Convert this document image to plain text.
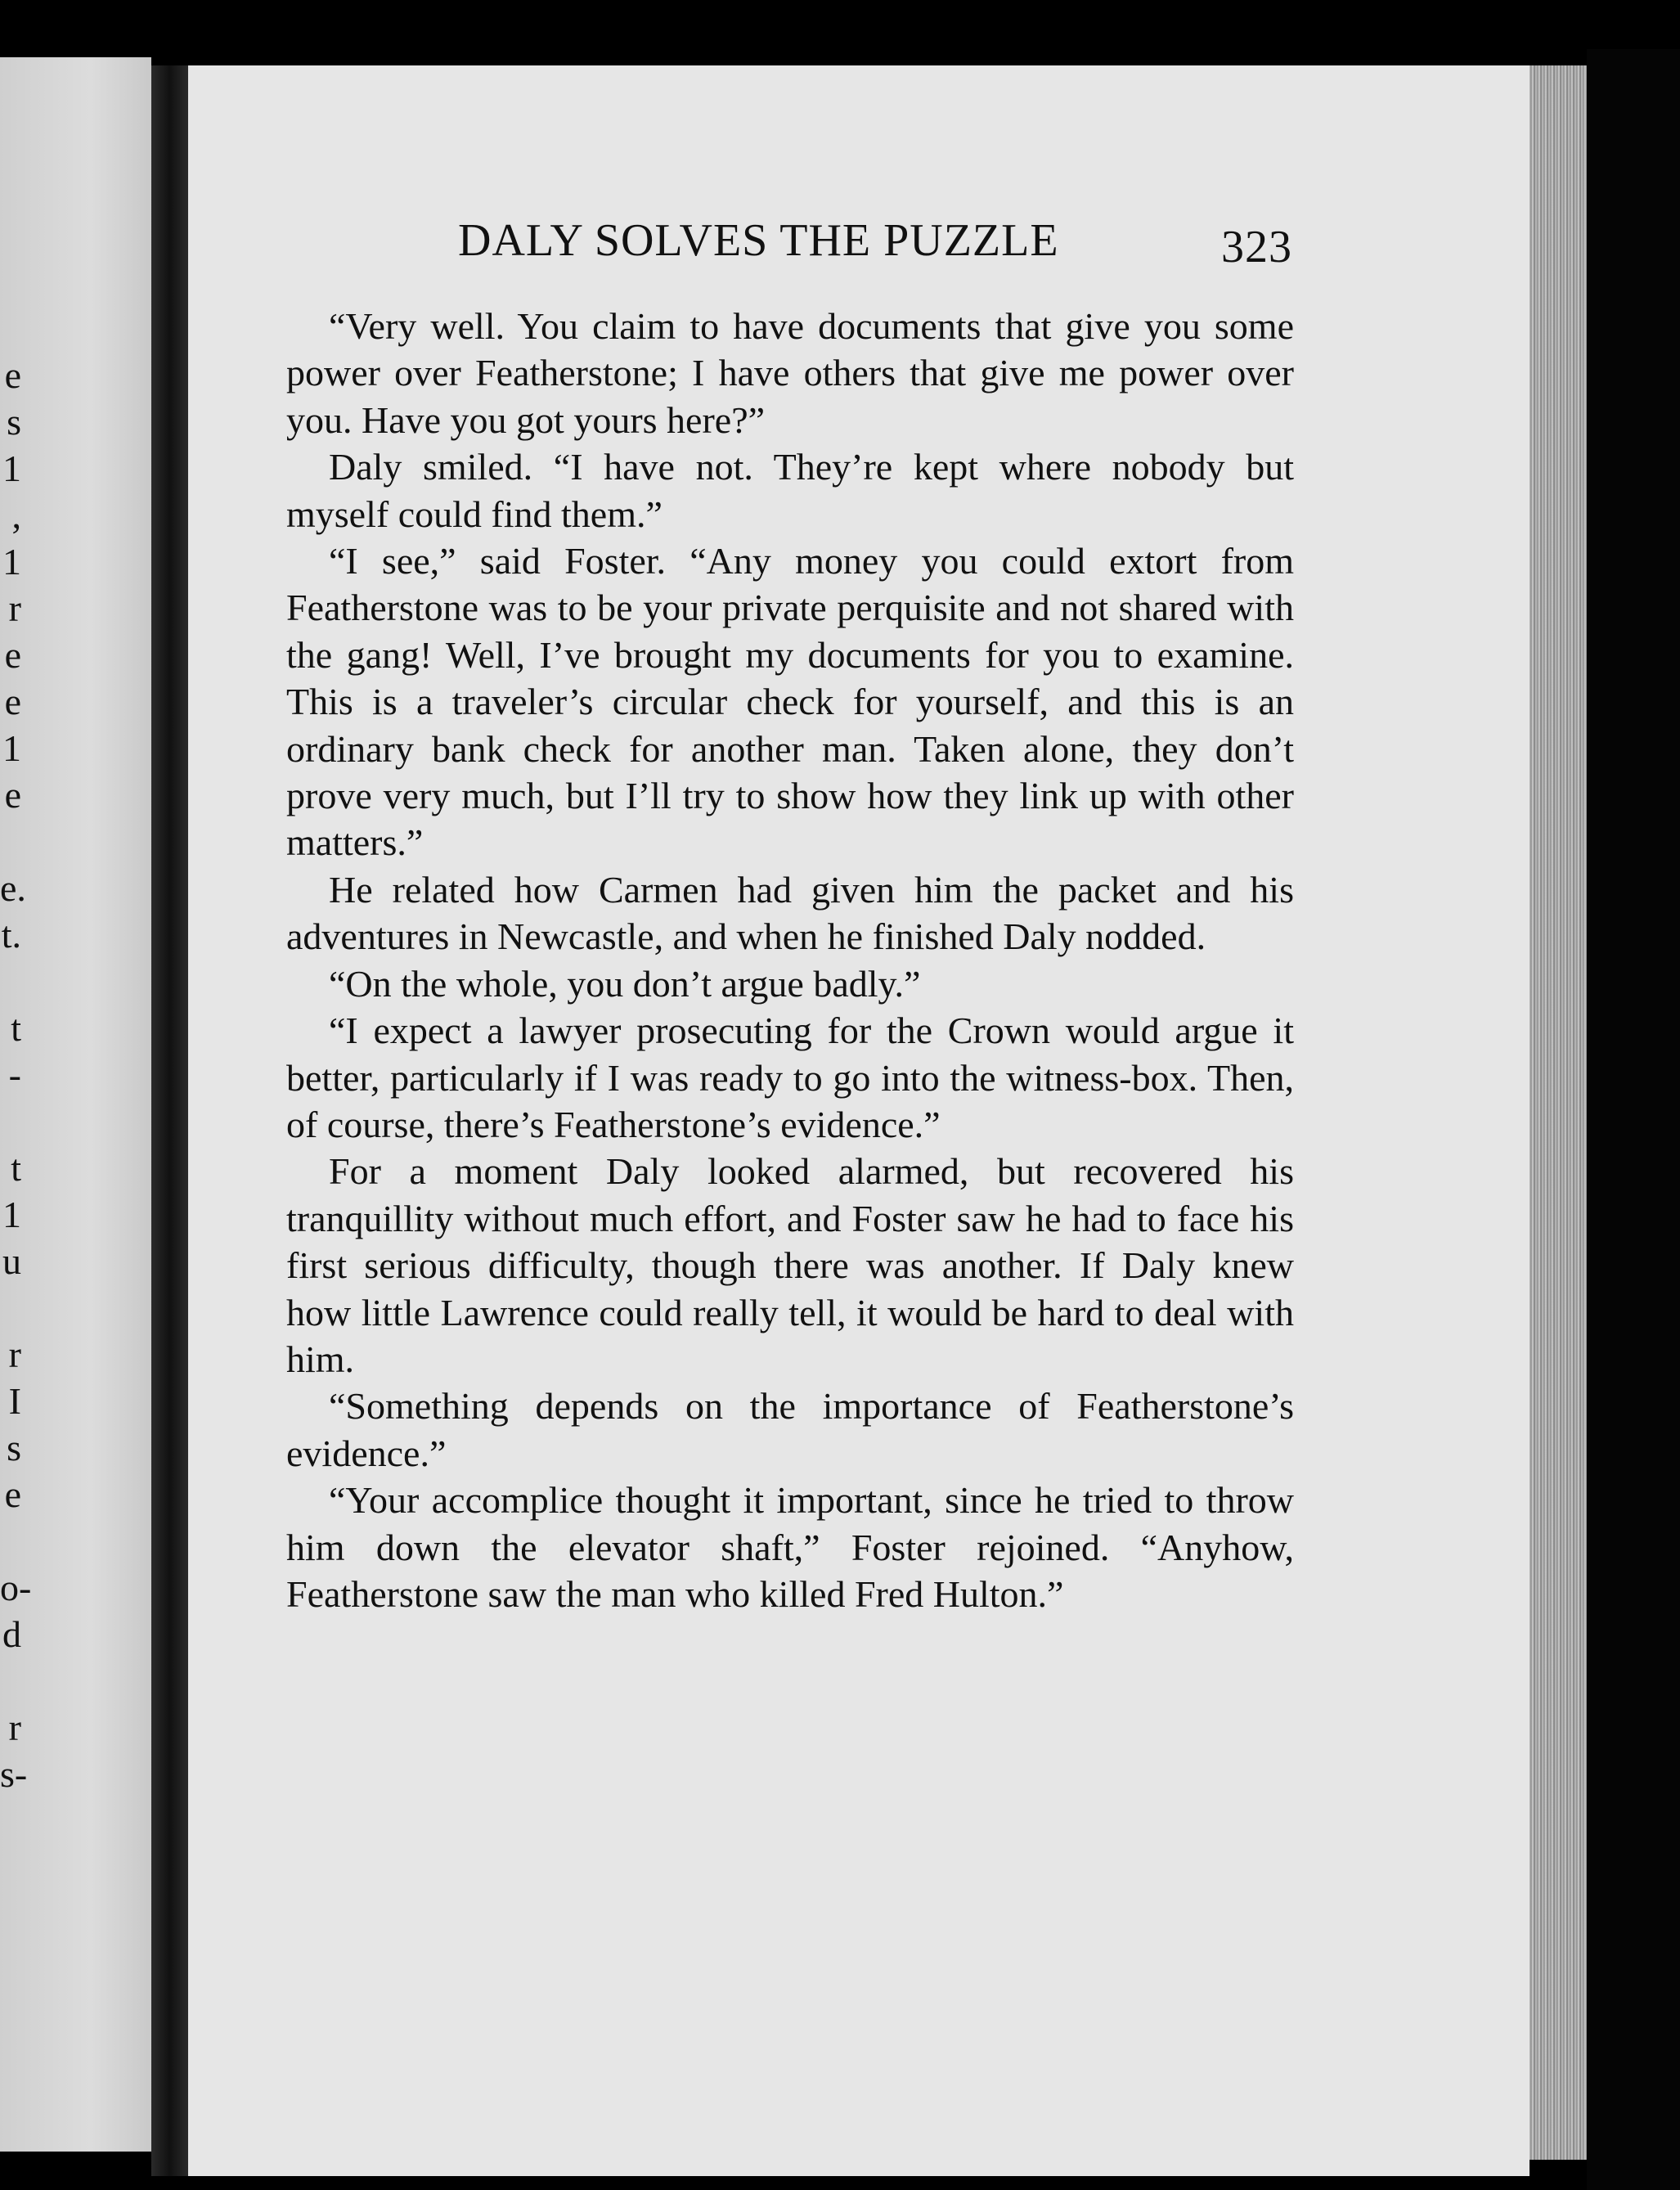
e
s
1
,
1
r
e
e
1
e
e.
t.
t
-
t
1
u
r
I
s
e
o-
d
r
s-
DALY SOLVES THE PUZZLE	323

“Very well. You claim to have documents that give you some power over Featherstone; I have others that give me power over you. Have you got yours here?”

Daly smiled. “I have not. They’re kept where nobody but myself could find them.”

“I see,” said Foster. “Any money you could extort from Featherstone was to be your private perquisite and not shared with the gang! Well, I’ve brought my documents for you to examine. This is a traveler’s circular check for yourself, and this is an ordinary bank check for another man. Taken alone, they don’t prove very much, but I’ll try to show how they link up with other matters.”

He related how Carmen had given him the packet and his adventures in Newcastle, and when he finished Daly nodded.

“On the whole, you don’t argue badly.”

“I expect a lawyer prosecuting for the Crown would argue it better, particularly if I was ready to go into the witness-box. Then, of course, there’s Featherstone’s evidence.”

For a moment Daly looked alarmed, but recovered his tranquillity without much effort, and Foster saw he had to face his first serious difficulty, though there was another. If Daly knew how little Lawrence could really tell, it would be hard to deal with him.

“Something depends on the importance of Featherstone’s evidence.”

“Your accomplice thought it important, since he tried to throw him down the elevator shaft,” Foster rejoined. “Anyhow, Featherstone saw the man who killed Fred Hulton.”
